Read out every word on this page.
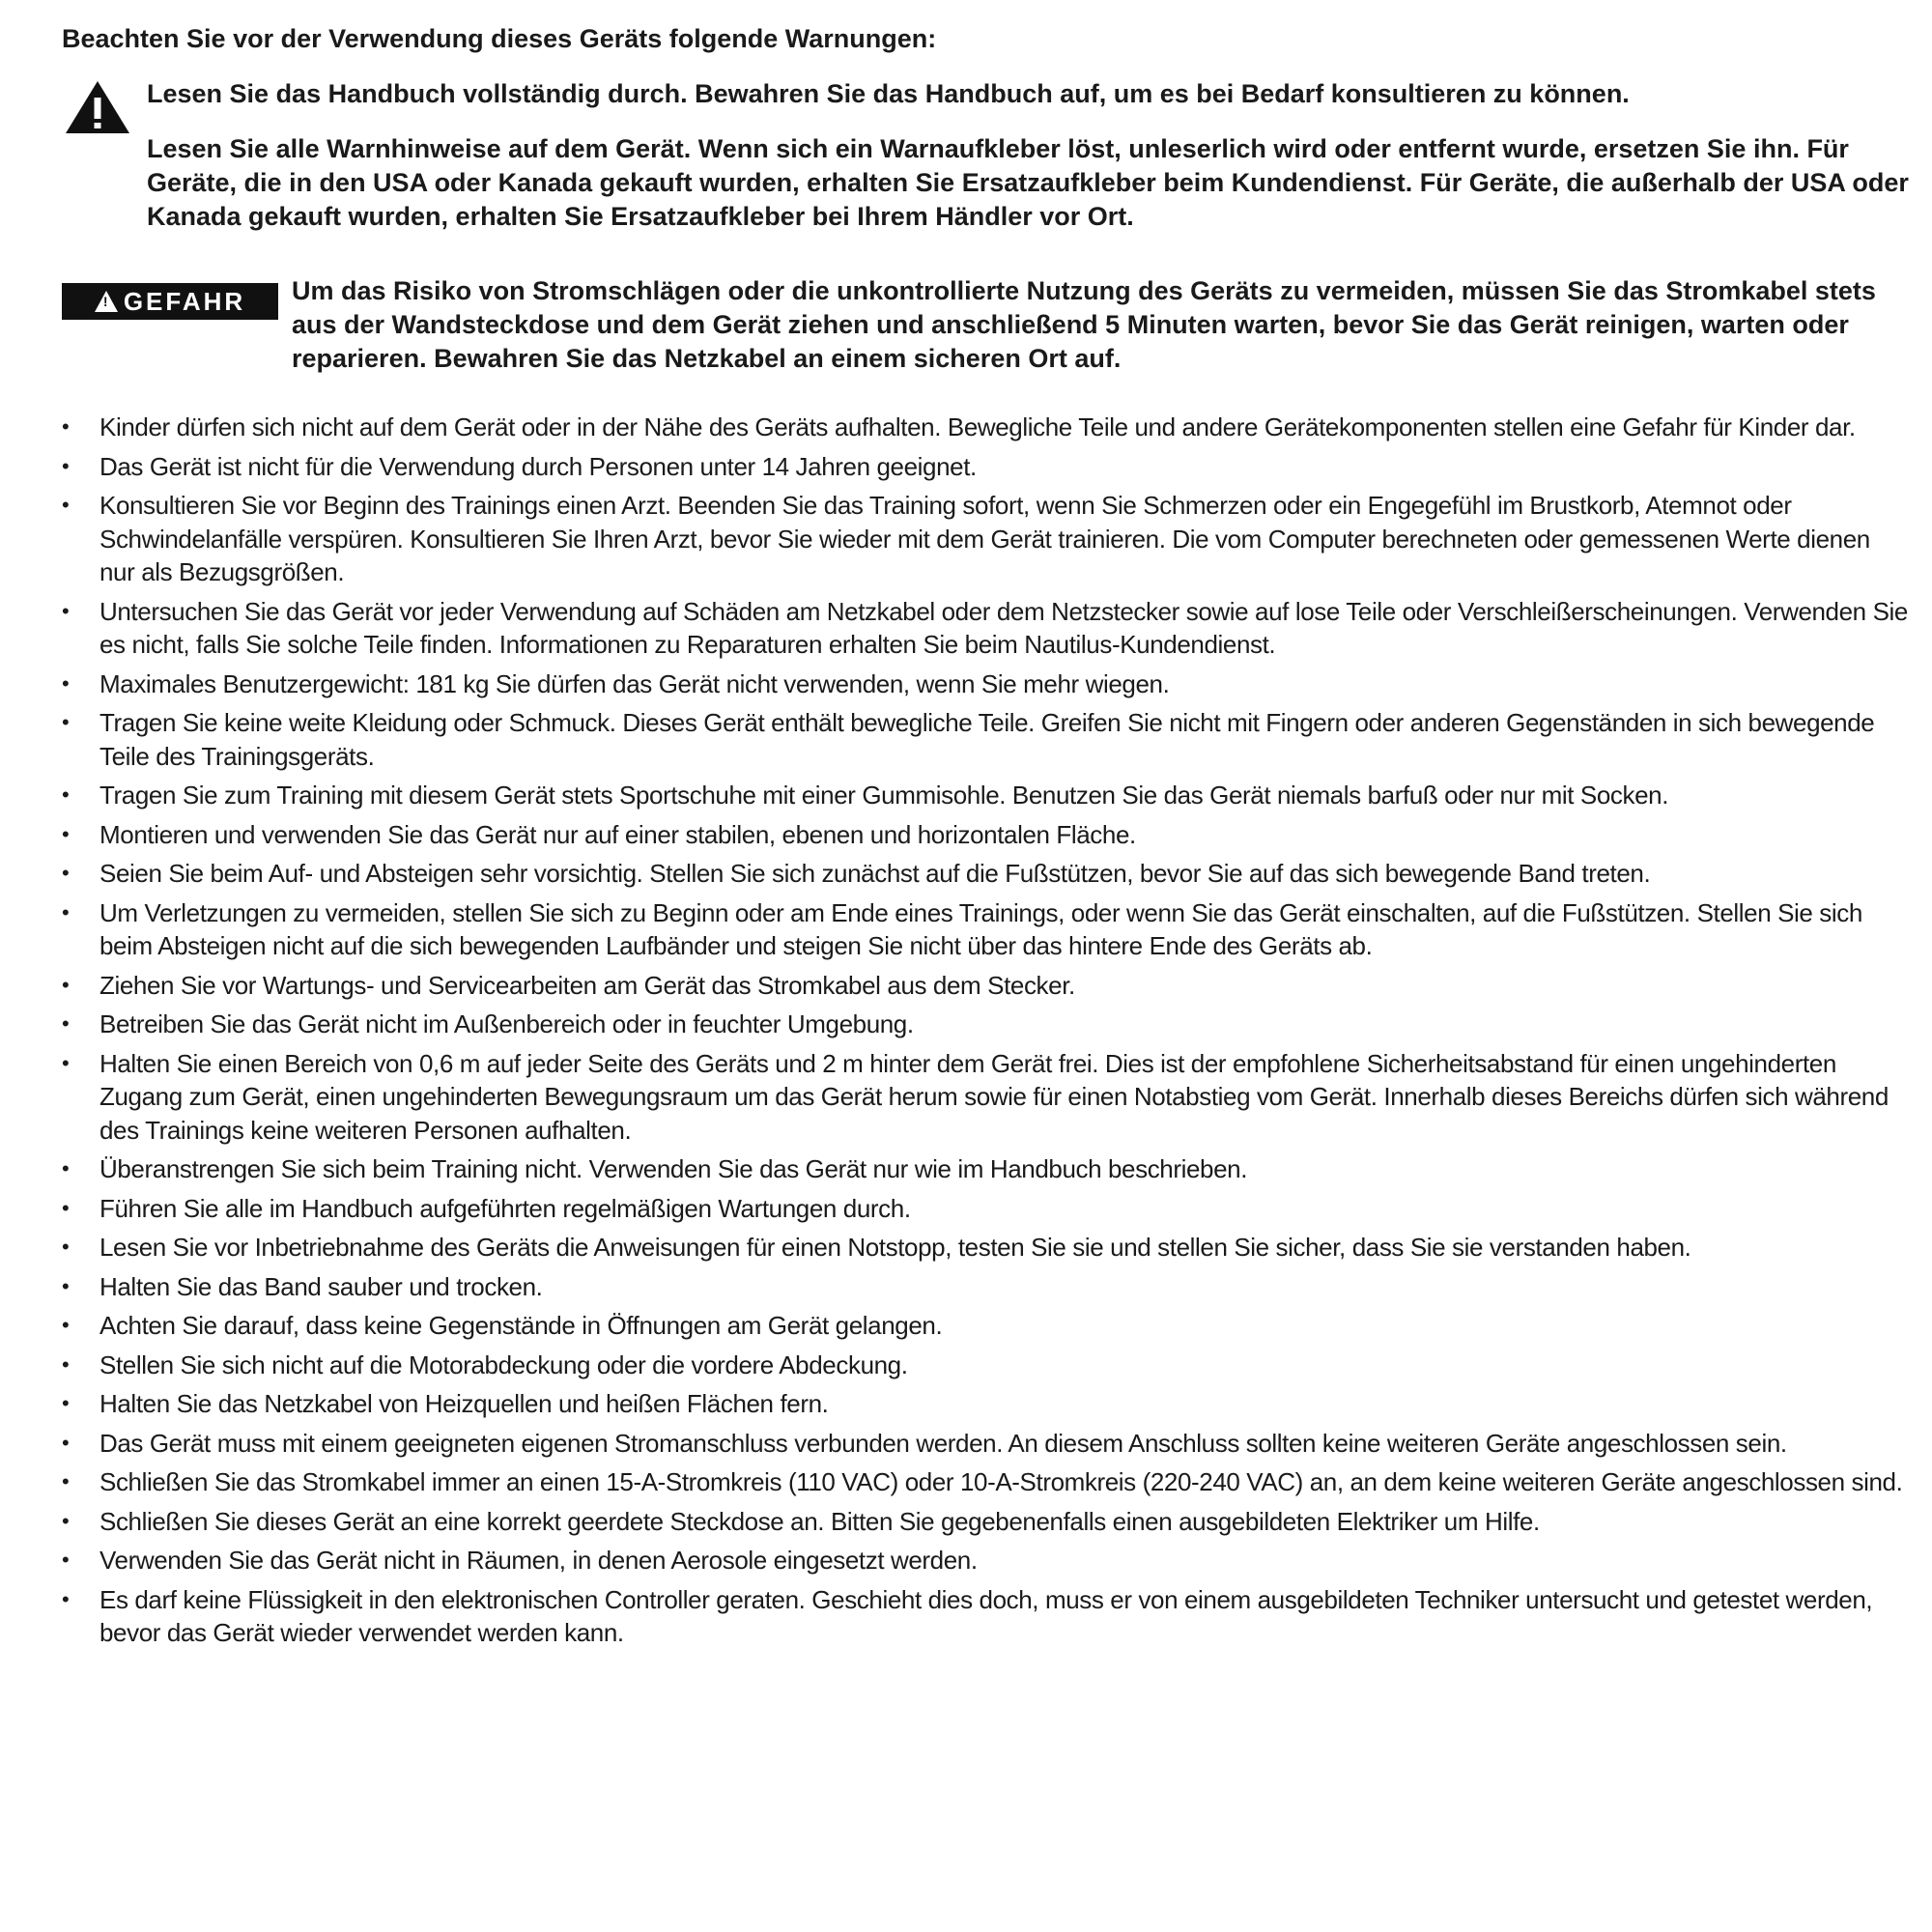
Beachten Sie vor der Verwendung dieses Geräts folgende Warnungen:

Lesen Sie das Handbuch vollständig durch. Bewahren Sie das Handbuch auf, um es bei Bedarf konsultieren zu können.

Lesen Sie alle Warnhinweise auf dem Gerät. Wenn sich ein Warnaufkleber löst, unleserlich wird oder entfernt wurde, ersetzen Sie ihn. Für Geräte, die in den USA oder Kanada gekauft wurden, erhalten Sie Ersatzaufkleber beim Kundendienst. Für Geräte, die außerhalb der USA oder Kanada gekauft wurden, erhalten Sie Ersatzaufkleber bei Ihrem Händler vor Ort.

!
GEFAHR Um das Risiko von Stromschlägen oder die unkontrollierte Nutzung des Geräts zu vermeiden, müssen Sie das Stromkabel stets aus der Wandsteckdose und dem Gerät ziehen und anschließend 5 Minuten warten, bevor Sie das Gerät reinigen, warten oder reparieren. Bewahren Sie das Netzkabel an einem sicheren Ort auf.

• Kinder dürfen sich nicht auf dem Gerät oder in der Nähe des Geräts aufhalten. Bewegliche Teile und andere Gerätekomponenten stellen eine Gefahr für Kinder dar.
• Das Gerät ist nicht für die Verwendung durch Personen unter 14 Jahren geeignet.
• Konsultieren Sie vor Beginn des Trainings einen Arzt. Beenden Sie das Training sofort, wenn Sie Schmerzen oder ein Engegefühl im Brustkorb, Atemnot oder Schwindelanfälle verspüren. Konsultieren Sie Ihren Arzt, bevor Sie wieder mit dem Gerät trainieren. Die vom Computer berechneten oder gemessenen Werte dienen nur als Bezugsgrößen.
• Untersuchen Sie das Gerät vor jeder Verwendung auf Schäden am Netzkabel oder dem Netzstecker sowie auf lose Teile oder Verschleißerscheinungen. Verwenden Sie es nicht, falls Sie solche Teile finden. Informationen zu Reparaturen erhalten Sie beim Nautilus-Kundendienst.
• Maximales Benutzergewicht: 181 kg Sie dürfen das Gerät nicht verwenden, wenn Sie mehr wiegen.
• Tragen Sie keine weite Kleidung oder Schmuck. Dieses Gerät enthält bewegliche Teile. Greifen Sie nicht mit Fingern oder anderen Gegenständen in sich bewegende Teile des Trainingsgeräts.
• Tragen Sie zum Training mit diesem Gerät stets Sportschuhe mit einer Gummisohle. Benutzen Sie das Gerät niemals barfuß oder nur mit Socken.
• Montieren und verwenden Sie das Gerät nur auf einer stabilen, ebenen und horizontalen Fläche.
• Seien Sie beim Auf- und Absteigen sehr vorsichtig. Stellen Sie sich zunächst auf die Fußstützen, bevor Sie auf das sich bewegende Band treten.
• Um Verletzungen zu vermeiden, stellen Sie sich zu Beginn oder am Ende eines Trainings, oder wenn Sie das Gerät einschalten, auf die Fußstützen. Stellen Sie sich beim Absteigen nicht auf die sich bewegenden Laufbänder und steigen Sie nicht über das hintere Ende des Geräts ab.
• Ziehen Sie vor Wartungs- und Servicearbeiten am Gerät das Stromkabel aus dem Stecker.
• Betreiben Sie das Gerät nicht im Außenbereich oder in feuchter Umgebung.
• Halten Sie einen Bereich von 0,6 m auf jeder Seite des Geräts und 2 m hinter dem Gerät frei. Dies ist der empfohlene Sicherheitsabstand für einen ungehinderten Zugang zum Gerät, einen ungehinderten Bewegungsraum um das Gerät herum sowie für einen Notabstieg vom Gerät. Innerhalb dieses Bereichs dürfen sich während des Trainings keine weiteren Personen aufhalten.
• Überanstrengen Sie sich beim Training nicht. Verwenden Sie das Gerät nur wie im Handbuch beschrieben.
• Führen Sie alle im Handbuch aufgeführten regelmäßigen Wartungen durch.
• Lesen Sie vor Inbetriebnahme des Geräts die Anweisungen für einen Notstopp, testen Sie sie und stellen Sie sicher, dass Sie sie verstanden haben.
• Halten Sie das Band sauber und trocken.
• Achten Sie darauf, dass keine Gegenstände in Öffnungen am Gerät gelangen.
• Stellen Sie sich nicht auf die Motorabdeckung oder die vordere Abdeckung.
• Halten Sie das Netzkabel von Heizquellen und heißen Flächen fern.
• Das Gerät muss mit einem geeigneten eigenen Stromanschluss verbunden werden. An diesem Anschluss sollten keine weiteren Geräte angeschlossen sein.
• Schließen Sie das Stromkabel immer an einen 15-A-Stromkreis (110 VAC) oder 10-A-Stromkreis (220-240 VAC) an, an dem keine weiteren Geräte angeschlossen sind.
• Schließen Sie dieses Gerät an eine korrekt geerdete Steckdose an. Bitten Sie gegebenenfalls einen ausgebildeten Elektriker um Hilfe.
• Verwenden Sie das Gerät nicht in Räumen, in denen Aerosole eingesetzt werden.
• Es darf keine Flüssigkeit in den elektronischen Controller geraten. Geschieht dies doch, muss er von einem ausgebildeten Techniker untersucht und getestet werden, bevor das Gerät wieder verwendet werden kann.
